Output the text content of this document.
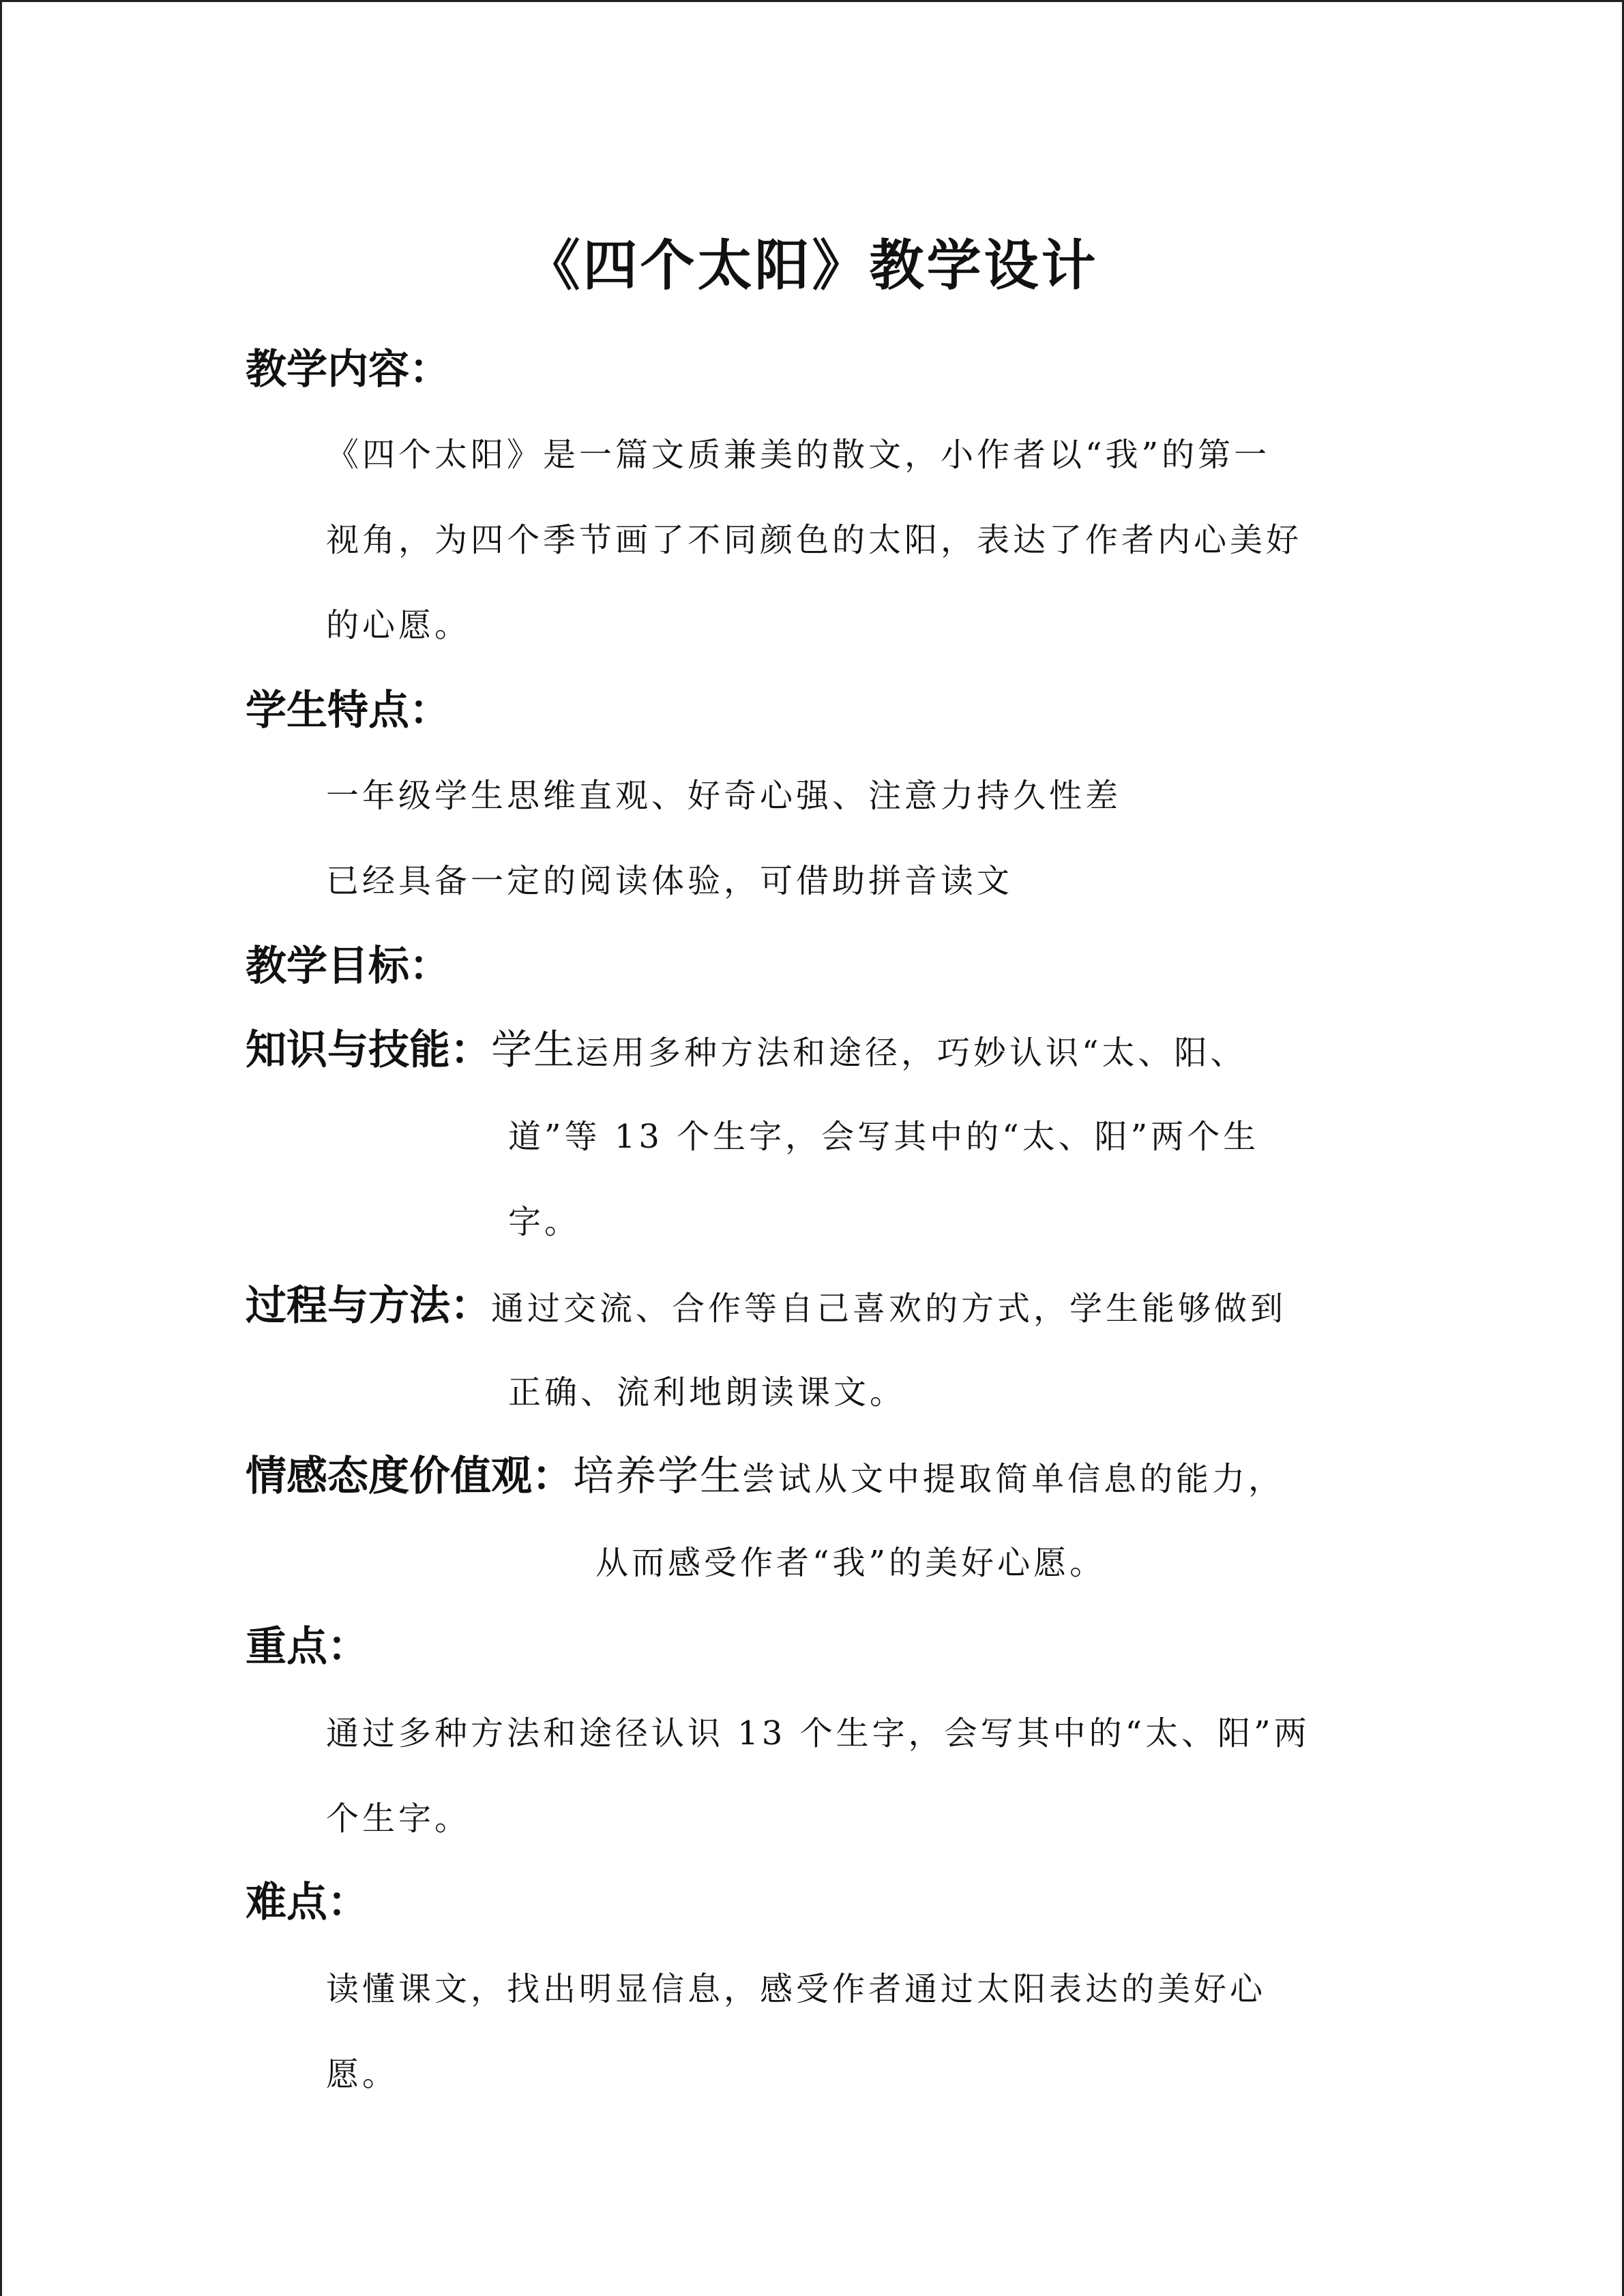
《四个太阳》教学设计
教学内容：
《四个太阳》是一篇文质兼美的散文，小作者以“我”的第一
视角，为四个季节画了不同颜色的太阳，表达了作者内心美好
的心愿。
学生特点：
一年级学生思维直观、好奇心强、注意力持久性差
已经具备一定的阅读体验，可借助拼音读文
教学目标：
知识与技能：学生运用多种方法和途径，巧妙认识“太、阳、
道”等 13 个生字，会写其中的“太、阳”两个生
字。
过程与方法：通过交流、合作等自己喜欢的方式，学生能够做到
正确、流利地朗读课文。
情感态度价值观：培养学生尝试从文中提取简单信息的能力，
从而感受作者“我”的美好心愿。
重点：
通过多种方法和途径认识 13 个生字，会写其中的“太、阳”两
个生字。
难点：
读懂课文，找出明显信息，感受作者通过太阳表达的美好心
愿。
